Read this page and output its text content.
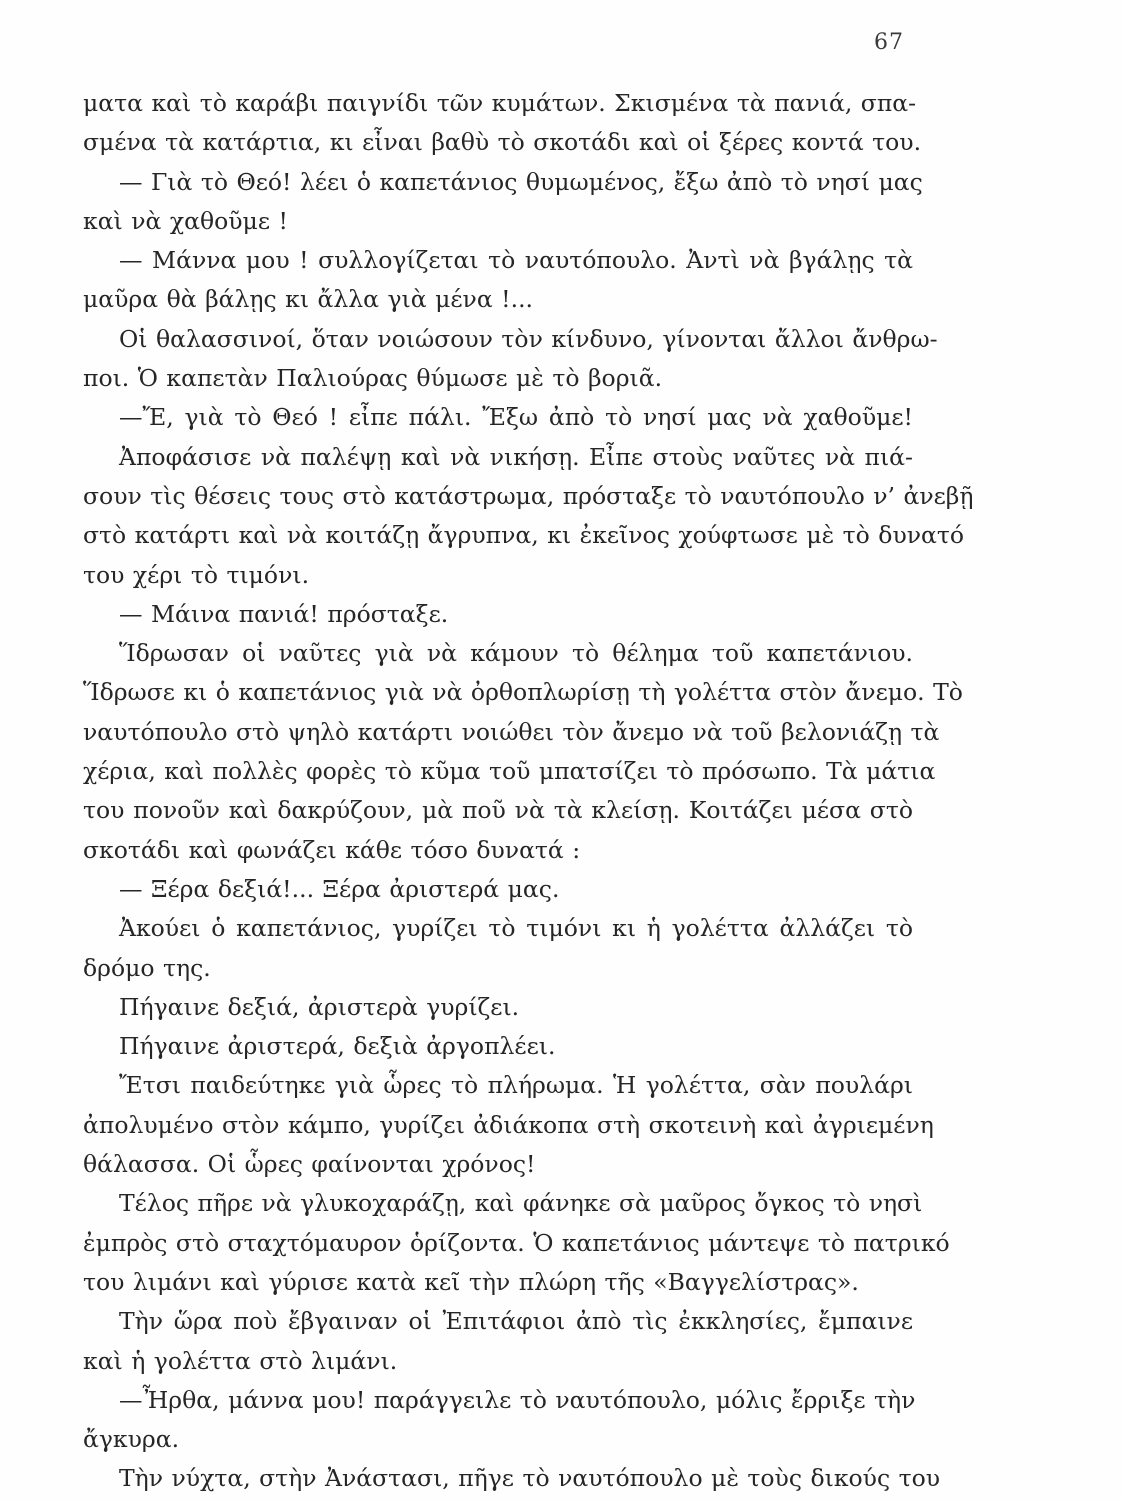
67
ματα καὶ τὸ καράβι παιγνίδι τῶν κυμάτων. Σκισμένα τὰ πανιά, σπα-
σμένα τὰ κατάρτια, κι εἶναι βαθὺ τὸ σκοτάδι καὶ οἱ ξέρες κοντά του.
— Γιὰ τὸ Θεό! λέει ὁ καπετάνιος θυμωμένος, ἔξω ἀπὸ τὸ νησί μας
καὶ νὰ χαθοῦμε !
— Μάννα μου ! συλλογίζεται τὸ ναυτόπουλο. Ἀντὶ νὰ βγάλῃς τὰ
μαῦρα θὰ βάλῃς κι ἄλλα γιὰ μένα !...
Οἱ θαλασσινοί, ὅταν νοιώσουν τὸν κίνδυνο, γίνονται ἄλλοι ἄνθρω-
ποι. Ὁ καπετὰν Παλιούρας θύμωσε μὲ τὸ βοριᾶ.
—Ἔ, γιὰ τὸ Θεό ! εἶπε πάλι. Ἔξω ἀπὸ τὸ νησί μας νὰ χαθοῦμε!
Ἀποφάσισε νὰ παλέψῃ καὶ νὰ νικήσῃ. Εἶπε στοὺς ναῦτες νὰ πιά-
σουν τὶς θέσεις τους στὸ κατάστρωμα, πρόσταξε τὸ ναυτόπουλο ν’ ἀνεβῇ
στὸ κατάρτι καὶ νὰ κοιτάζῃ ἄγρυπνα, κι ἐκεῖνος χούφτωσε μὲ τὸ δυνατό
του χέρι τὸ τιμόνι.
— Μάινα πανιά! πρόσταξε.
Ἵδρωσαν οἱ ναῦτες γιὰ νὰ κάμουν τὸ θέλημα τοῦ καπετάνιου.
Ἵδρωσε κι ὁ καπετάνιος γιὰ νὰ ὀρθοπλωρίσῃ τὴ γολέττα στὸν ἄνεμο. Τὸ
ναυτόπουλο στὸ ψηλὸ κατάρτι νοιώθει τὸν ἄνεμο νὰ τοῦ βελονιάζῃ τὰ
χέρια, καὶ πολλὲς φορὲς τὸ κῦμα τοῦ μπατσίζει τὸ πρόσωπο. Τὰ μάτια
του πονοῦν καὶ δακρύζουν, μὰ ποῦ νὰ τὰ κλείσῃ. Κοιτάζει μέσα στὸ
σκοτάδι καὶ φωνάζει κάθε τόσο δυνατά :
— Ξέρα δεξιά!... Ξέρα ἀριστερά μας.
Ἀκούει ὁ καπετάνιος, γυρίζει τὸ τιμόνι κι ἡ γολέττα ἀλλάζει τὸ
δρόμο της.
Πήγαινε δεξιά, ἀριστερὰ γυρίζει.
Πήγαινε ἀριστερά, δεξιὰ ἀργοπλέει.
Ἔτσι παιδεύτηκε γιὰ ὧρες τὸ πλήρωμα. Ἡ γολέττα, σὰν πουλάρι
ἀπολυμένο στὸν κάμπο, γυρίζει ἀδιάκοπα στὴ σκοτεινὴ καὶ ἀγριεμένη
θάλασσα. Οἱ ὧρες φαίνονται χρόνος!
Τέλος πῆρε νὰ γλυκοχαράζῃ, καὶ φάνηκε σὰ μαῦρος ὄγκος τὸ νησὶ
ἐμπρὸς στὸ σταχτόμαυρον ὁρίζοντα. Ὁ καπετάνιος μάντεψε τὸ πατρικό
του λιμάνι καὶ γύρισε κατὰ κεῖ τὴν πλώρη τῆς «Βαγγελίστρας».
Τὴν ὥρα ποὺ ἔβγαιναν οἱ Ἐπιτάφιοι ἀπὸ τὶς ἐκκλησίες, ἔμπαινε
καὶ ἡ γολέττα στὸ λιμάνι.
—Ἦρθα, μάννα μου! παράγγειλε τὸ ναυτόπουλο, μόλις ἔρριξε τὴν
ἄγκυρα.
Τὴν νύχτα, στὴν Ἀνάστασι, πῆγε τὸ ναυτόπουλο μὲ τοὺς δικούς του
